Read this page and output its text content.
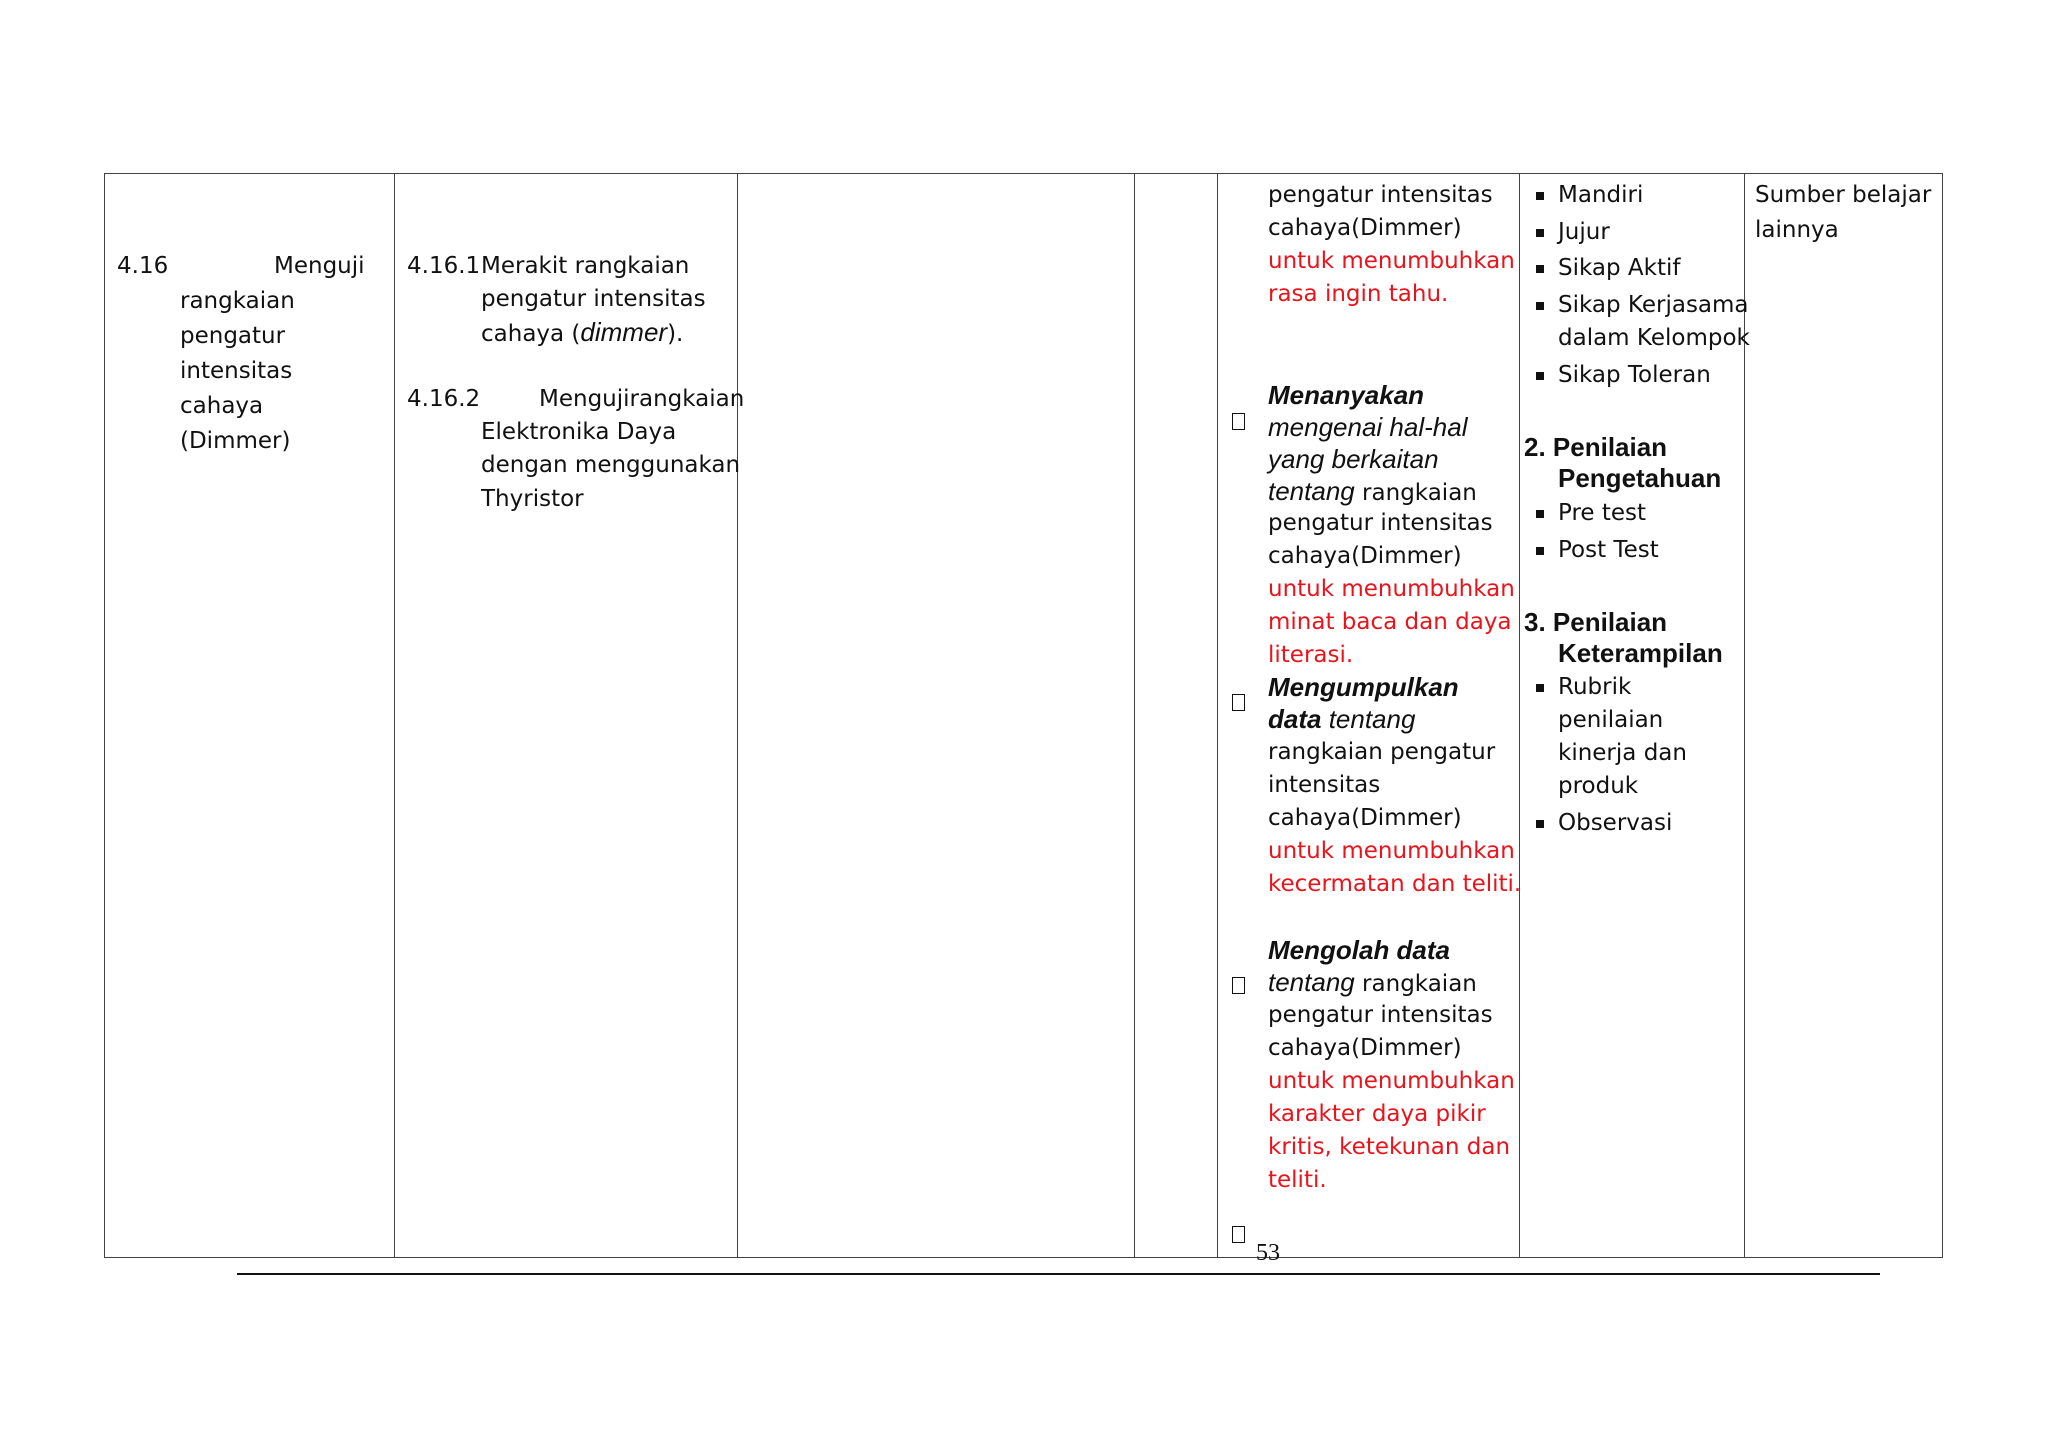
4.16	Menguji
rangkaian
pengatur
intensitas
cahaya
(Dimmer)
4.16.1 Merakit rangkaian
pengatur intensitas
cahaya (dimmer).
4.16.2	Mengujirangkaian
Elektronika Daya
dengan menggunakan
Thyristor
pengatur intensitas
cahaya(Dimmer)
untuk menumbuhkan
rasa ingin tahu.
Menanyakan
mengenai hal-hal
yang berkaitan
tentang rangkaian
pengatur intensitas
cahaya(Dimmer)
untuk menumbuhkan
minat baca dan daya
literasi.
Mengumpulkan
data tentang
rangkaian pengatur
intensitas
cahaya(Dimmer)
untuk menumbuhkan
kecermatan dan teliti.
Mengolah data
tentang rangkaian
pengatur intensitas
cahaya(Dimmer)
untuk menumbuhkan
karakter daya pikir
kritis, ketekunan dan
teliti.
Mandiri
Jujur
Sikap Aktif
Sikap Kerjasama
dalam Kelompok
Sikap Toleran
2. Penilaian
Pengetahuan
Pre test
Post Test
3. Penilaian
Keterampilan
Rubrik
penilaian
kinerja dan
produk
Observasi
Sumber belajar
lainnya
53
